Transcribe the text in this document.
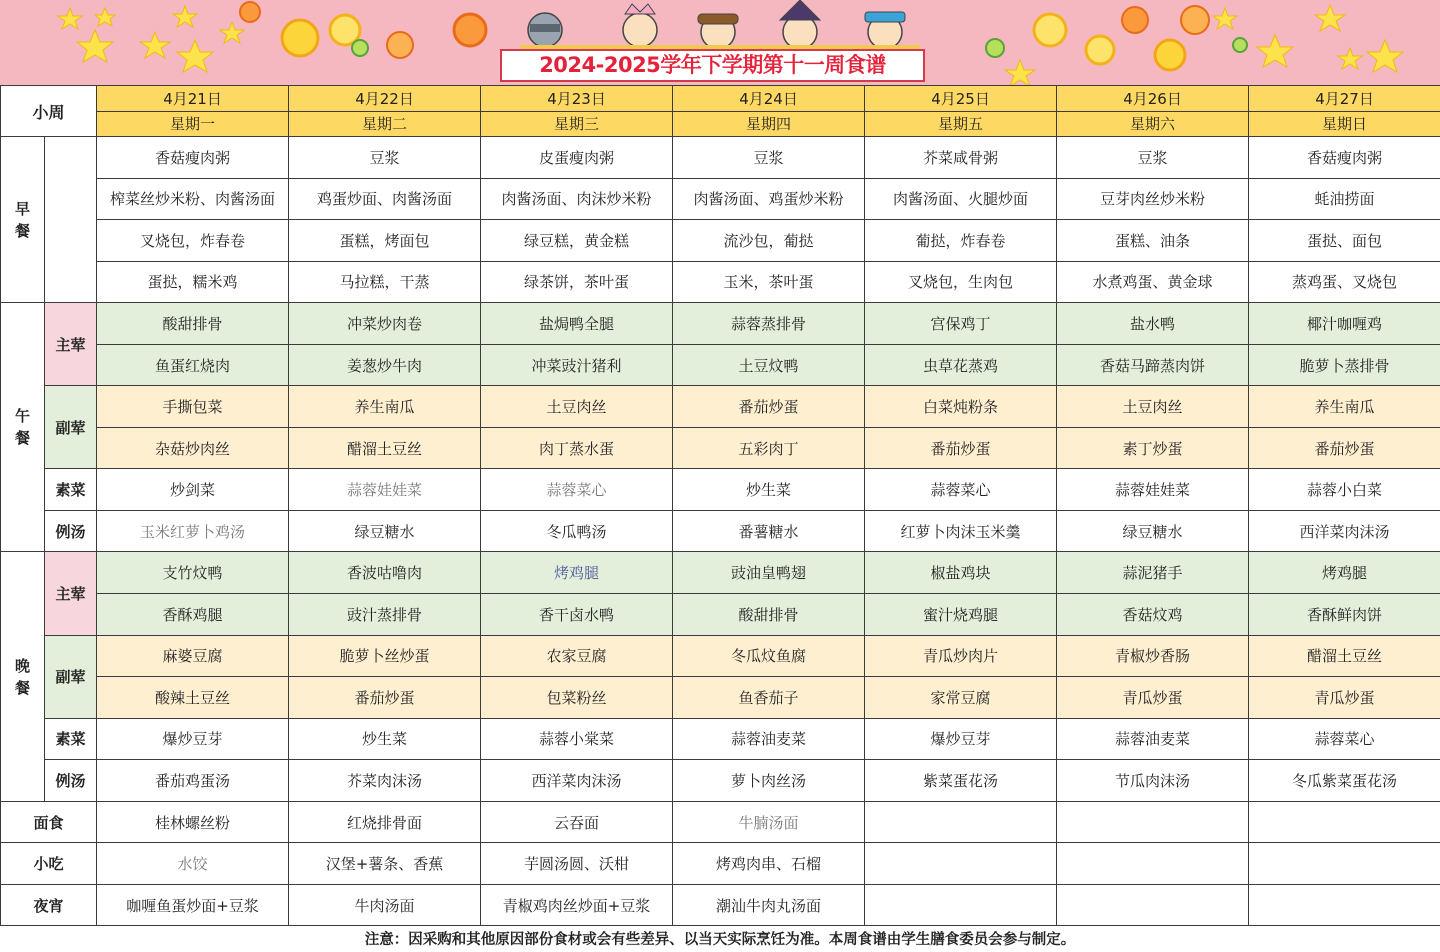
2024-2025学年下学期第十一周食谱
小周		4月21日	4月22日	4月23日	4月24日	4月25日	4月26日	4月27日
		星期一	星期二	星期三	星期四	星期五	星期六	星期日
早
餐		香菇瘦肉粥	豆浆	皮蛋瘦肉粥	豆浆	芥菜咸骨粥	豆浆	香菇瘦肉粥
		榨菜丝炒米粉、肉酱汤面	鸡蛋炒面、肉酱汤面	肉酱汤面、肉沫炒米粉	肉酱汤面、鸡蛋炒米粉	肉酱汤面、火腿炒面	豆芽肉丝炒米粉	蚝油捞面
		叉烧包，炸春卷	蛋糕，烤面包	绿豆糕，黄金糕	流沙包，葡挞	葡挞，炸春卷	蛋糕、油条	蛋挞、面包
		蛋挞，糯米鸡	马拉糕，干蒸	绿茶饼，茶叶蛋	玉米，茶叶蛋	叉烧包，生肉包	水煮鸡蛋、黄金球	蒸鸡蛋、叉烧包
午
餐	主荤	酸甜排骨	冲菜炒肉卷	盐焗鸭全腿	蒜蓉蒸排骨	宫保鸡丁	盐水鸭	椰汁咖喱鸡
		鱼蛋红烧肉	姜葱炒牛肉	冲菜豉汁猪利	土豆炆鸭	虫草花蒸鸡	香菇马蹄蒸肉饼	脆萝卜蒸排骨
	副荤	手撕包菜	养生南瓜	土豆肉丝	番茄炒蛋	白菜炖粉条	土豆肉丝	养生南瓜
		杂菇炒肉丝	醋溜土豆丝	肉丁蒸水蛋	五彩肉丁	番茄炒蛋	素丁炒蛋	番茄炒蛋
	素菜	炒剑菜	蒜蓉娃娃菜	蒜蓉菜心	炒生菜	蒜蓉菜心	蒜蓉娃娃菜	蒜蓉小白菜
	例汤	玉米红萝卜鸡汤	绿豆糖水	冬瓜鸭汤	番薯糖水	红萝卜肉沫玉米羹	绿豆糖水	西洋菜肉沫汤
晚
餐	主荤	支竹炆鸭	香波咕噜肉	烤鸡腿	豉油皇鸭翅	椒盐鸡块	蒜泥猪手	烤鸡腿
		香酥鸡腿	豉汁蒸排骨	香干卤水鸭	酸甜排骨	蜜汁烧鸡腿	香菇炆鸡	香酥鲜肉饼
	副荤	麻婆豆腐	脆萝卜丝炒蛋	农家豆腐	冬瓜炆鱼腐	青瓜炒肉片	青椒炒香肠	醋溜土豆丝
		酸辣土豆丝	番茄炒蛋	包菜粉丝	鱼香茄子	家常豆腐	青瓜炒蛋	青瓜炒蛋
	素菜	爆炒豆芽	炒生菜	蒜蓉小棠菜	蒜蓉油麦菜	爆炒豆芽	蒜蓉油麦菜	蒜蓉菜心
	例汤	番茄鸡蛋汤	芥菜肉沫汤	西洋菜肉沫汤	萝卜肉丝汤	紫菜蛋花汤	节瓜肉沫汤	冬瓜紫菜蛋花汤
面食		桂林螺丝粉	红烧排骨面	云吞面	牛腩汤面			
小吃		水饺	汉堡+薯条、香蕉	芋圆汤圆、沃柑	烤鸡肉串、石榴			
夜宵		咖喱鱼蛋炒面+豆浆	牛肉汤面	青椒鸡肉丝炒面+豆浆	潮汕牛肉丸汤面			
注意：因采购和其他原因部份食材或会有些差异、以当天实际烹饪为准。本周食谱由学生膳食委员会参与制定。
